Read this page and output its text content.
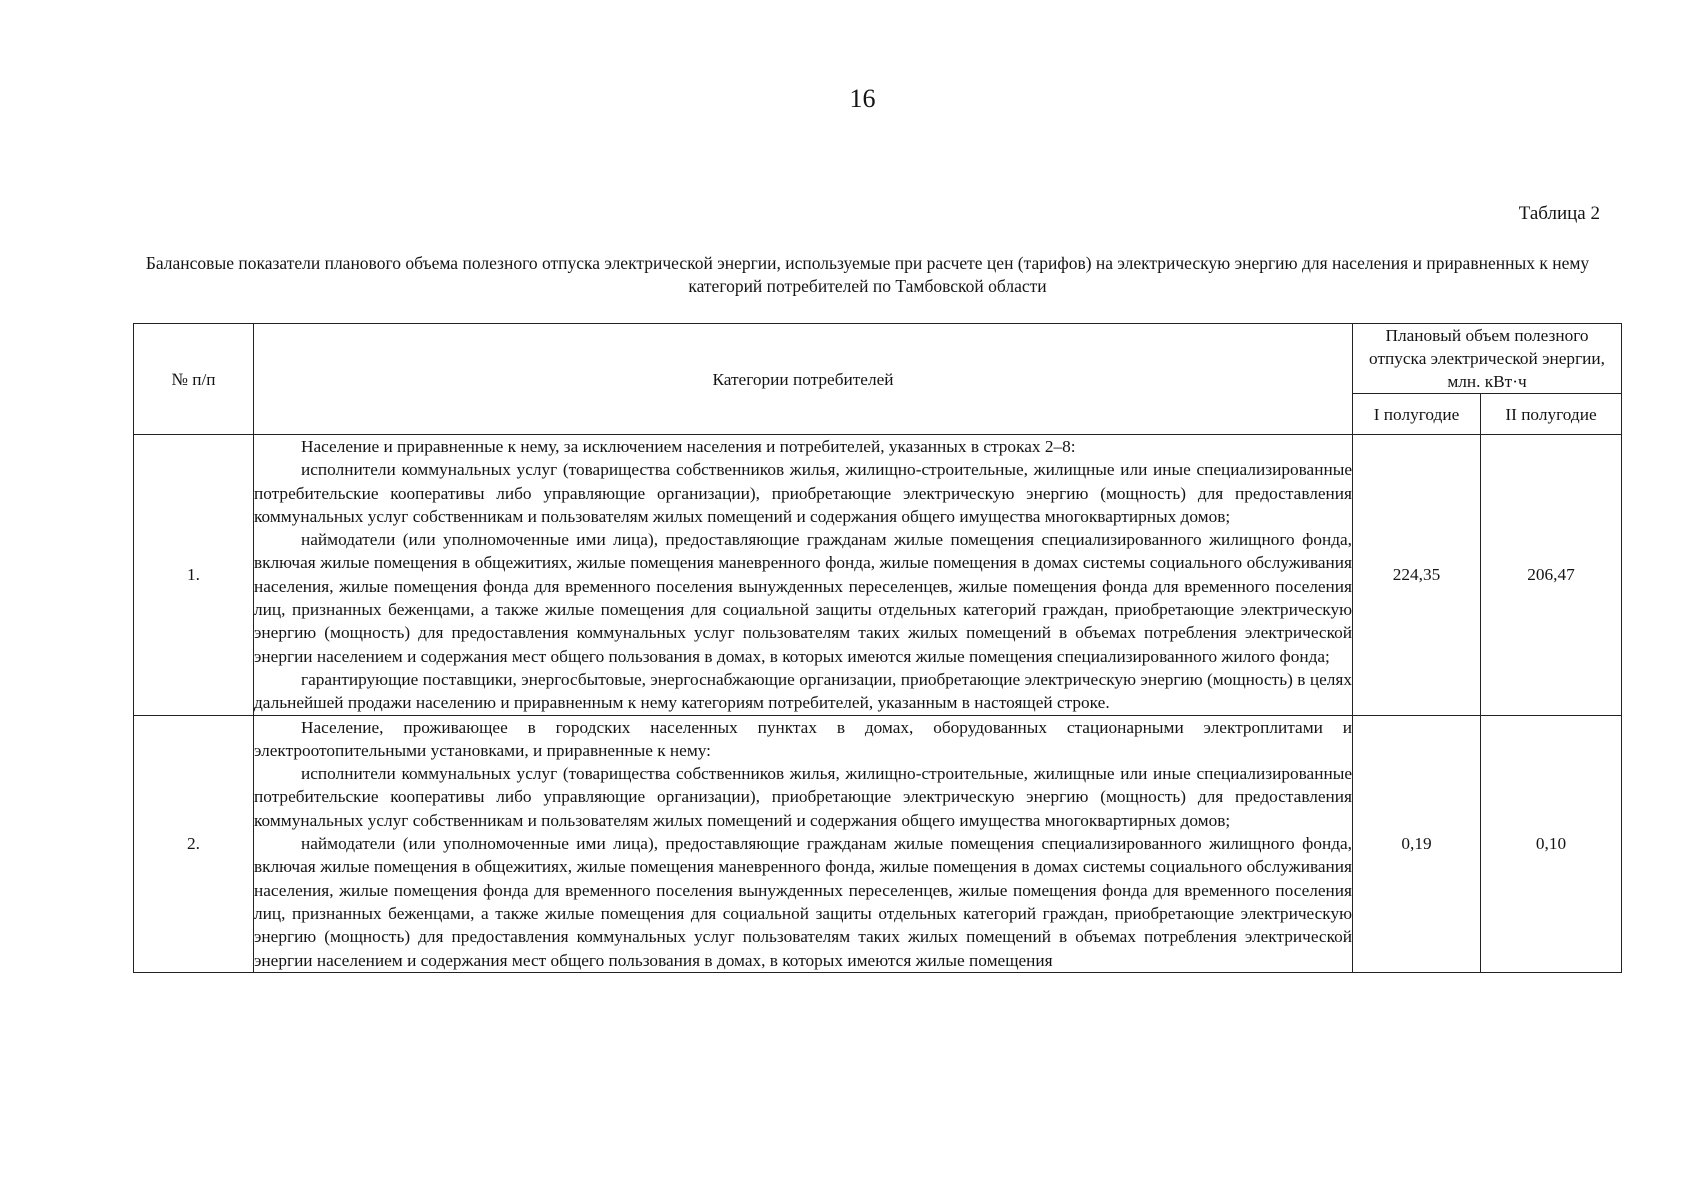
16
Таблица 2
Балансовые показатели планового объема полезного отпуска электрической энергии, используемые при расчете цен (тарифов) на электрическую энергию для населения и приравненных к нему категорий потребителей по Тамбовской области
№ п/п	Категории потребителей	Плановый объем полезного отпуска электрической энергии, млн. кВт·ч	
		I полугодие	II полугодие
1.	Население и приравненные к нему, за исключением населения и потребителей, указанных в строках 2–8:

исполнители коммунальных услуг (товарищества собственников жилья, жилищно-строительные, жилищные или иные специализированные потребительские кооперативы либо управляющие организации), приобретающие электрическую энергию (мощность) для предоставления коммунальных услуг собственникам и пользователям жилых помещений и содержания общего имущества многоквартирных домов;

наймодатели (или уполномоченные ими лица), предоставляющие гражданам жилые помещения специализированного жилищного фонда, включая жилые помещения в общежитиях, жилые помещения маневренного фонда, жилые помещения в домах системы социального обслуживания населения, жилые помещения фонда для временного поселения вынужденных переселенцев, жилые помещения фонда для временного поселения лиц, признанных беженцами, а также жилые помещения для социальной защиты отдельных категорий граждан, приобретающие электрическую энергию (мощность) для предоставления коммунальных услуг пользователям таких жилых помещений в объемах потребления электрической энергии населением и содержания мест общего пользования в домах, в которых имеются жилые помещения специализированного жилого фонда;

гарантирующие поставщики, энергосбытовые, энергоснабжающие организации, приобретающие электрическую энергию (мощность) в целях дальнейшей продажи населению и приравненным к нему категориям потребителей, указанным в настоящей строке.	224,35	206,47
2.	Население, проживающее в городских населенных пунктах в домах, оборудованных стационарными электроплитами и электроотопительными установками, и приравненные к нему:

исполнители коммунальных услуг (товарищества собственников жилья, жилищно-строительные, жилищные или иные специализированные потребительские кооперативы либо управляющие организации), приобретающие электрическую энергию (мощность) для предоставления коммунальных услуг собственникам и пользователям жилых помещений и содержания общего имущества многоквартирных домов;

наймодатели (или уполномоченные ими лица), предоставляющие гражданам жилые помещения специализированного жилищного фонда, включая жилые помещения в общежитиях, жилые помещения маневренного фонда, жилые помещения в домах системы социального обслуживания населения, жилые помещения фонда для временного поселения вынужденных переселенцев, жилые помещения фонда для временного поселения лиц, признанных беженцами, а также жилые помещения для социальной защиты отдельных категорий граждан, приобретающие электрическую энергию (мощность) для предоставления коммунальных услуг пользователям таких жилых помещений в объемах потребления электрической энергии населением и содержания мест общего пользования в домах, в которых имеются жилые помещения	0,19	0,10
